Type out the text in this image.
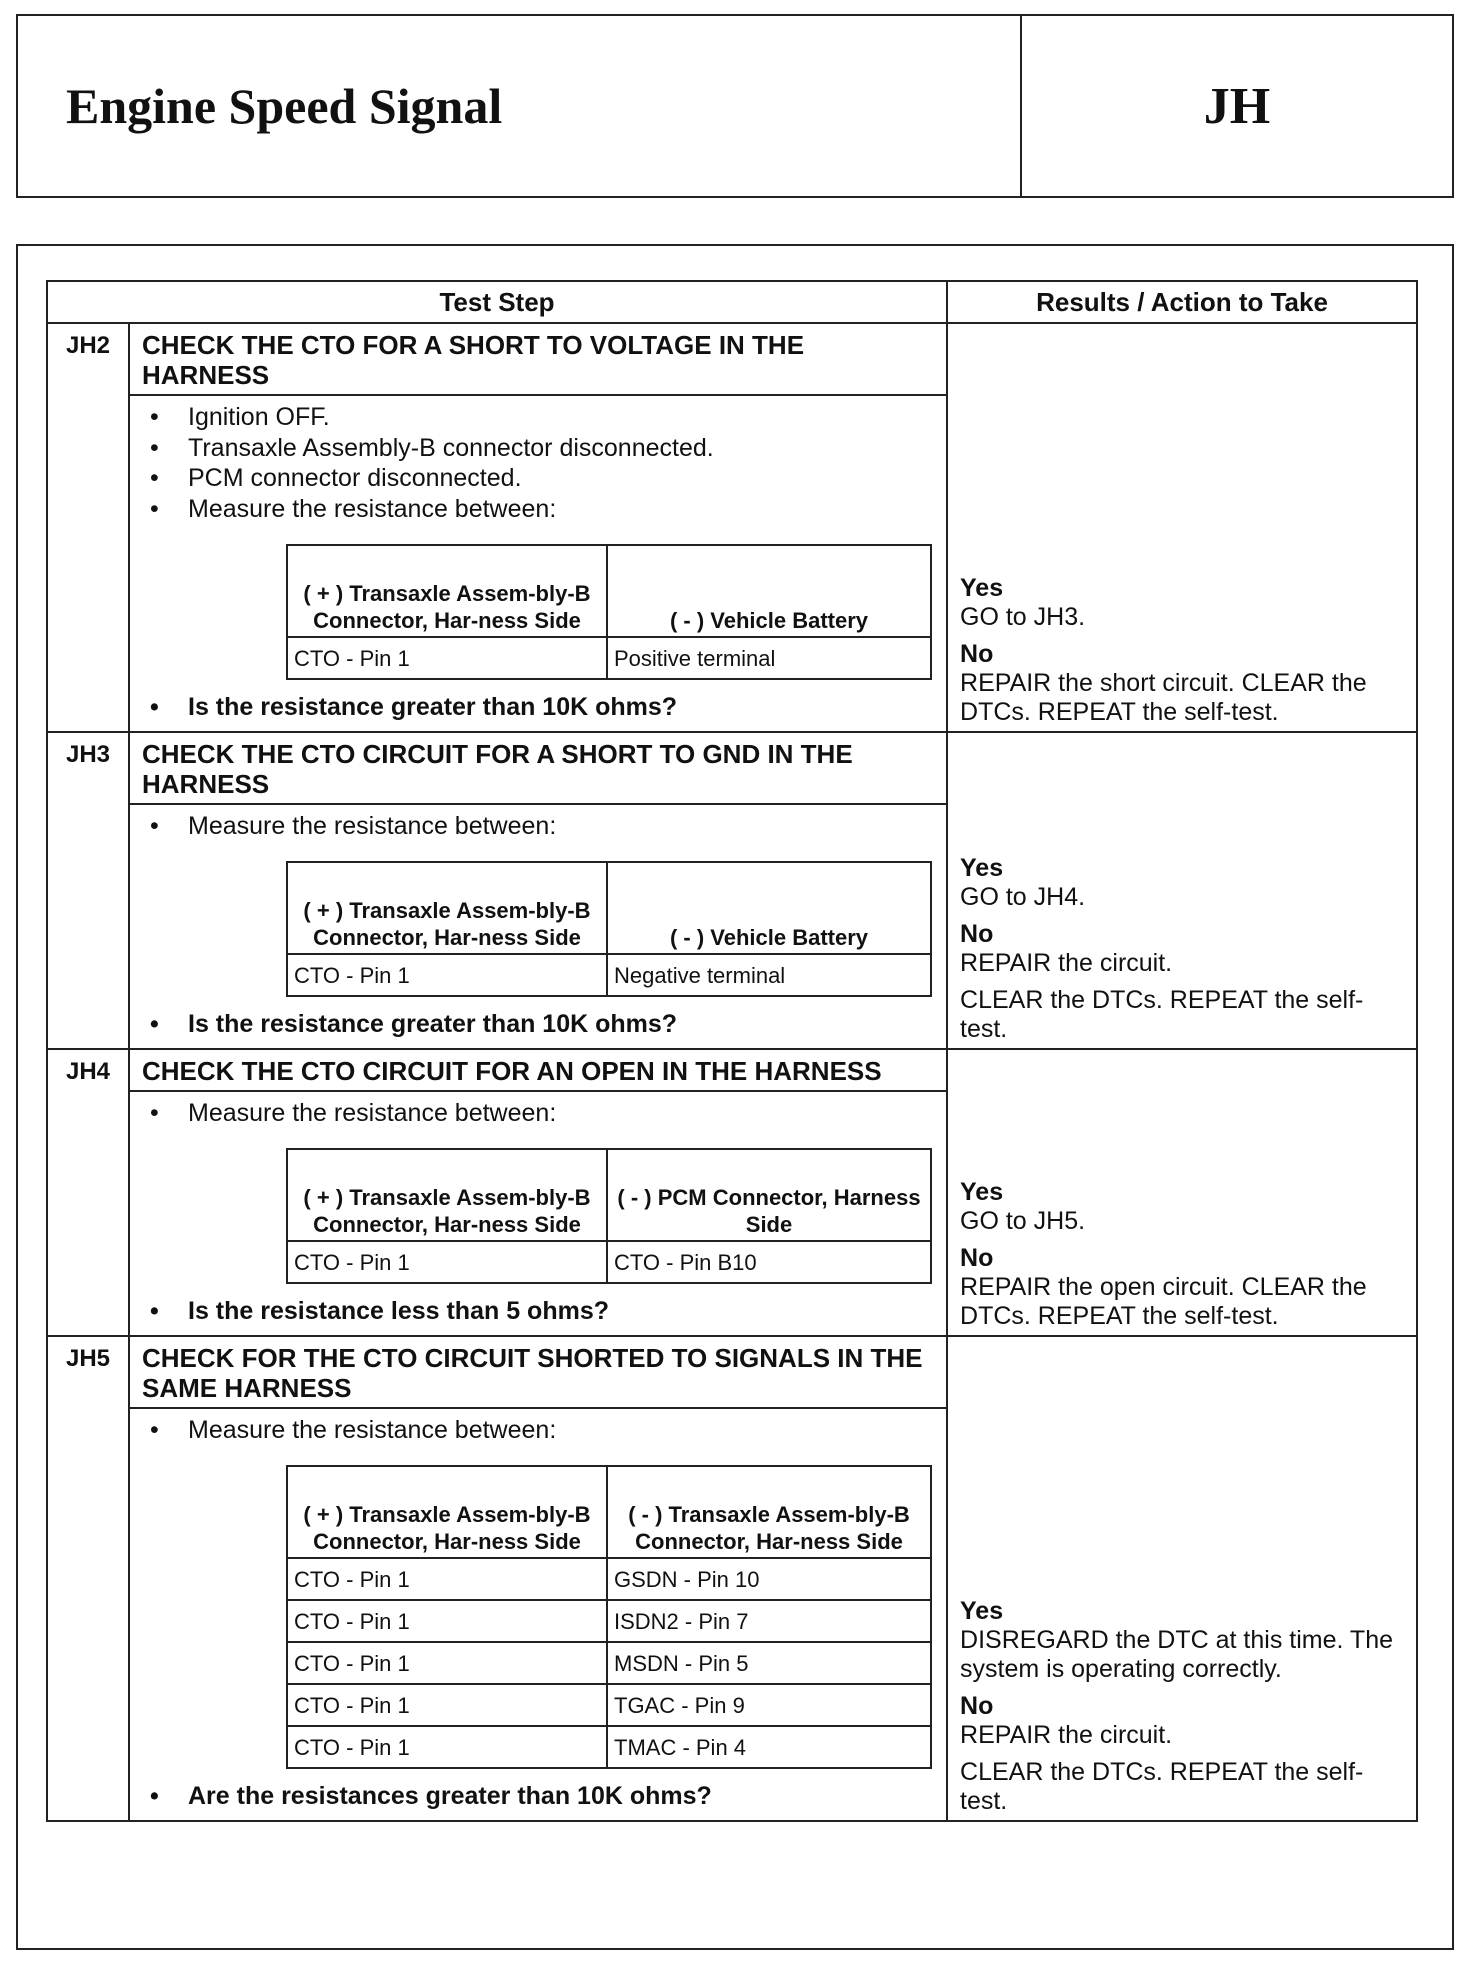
Engine Speed Signal	JH
Test Step	Results / Action to Take
JH2	CHECK THE CTO FOR A SHORT TO VOLTAGE IN THE HARNESS	
Yes
GO to JH3.
No
REPAIR the short circuit. CLEAR the DTCs. REPEAT the self-test.

• Ignition OFF.
• Transaxle Assembly-B connector disconnected.
• PCM connector disconnected.
• Measure the resistance between:
( + ) Transaxle Assem-bly-B Connector, Har-ness Side	( - ) Vehicle Battery
CTO - Pin 1	Positive terminal
• Is the resistance greater than 10K ohms?

JH3	CHECK THE CTO CIRCUIT FOR A SHORT TO GND IN THE HARNESS	
Yes
GO to JH4.
No
REPAIR the circuit.
CLEAR the DTCs. REPEAT the self-test.

• Measure the resistance between:
( + ) Transaxle Assem-bly-B Connector, Har-ness Side	( - ) Vehicle Battery
CTO - Pin 1	Negative terminal
• Is the resistance greater than 10K ohms?

JH4	CHECK THE CTO CIRCUIT FOR AN OPEN IN THE HARNESS	
Yes
GO to JH5.
No
REPAIR the open circuit. CLEAR the DTCs. REPEAT the self-test.

• Measure the resistance between:
( + ) Transaxle Assem-bly-B Connector, Har-ness Side	( - ) PCM Connector, Harness Side
CTO - Pin 1	CTO - Pin B10
• Is the resistance less than 5 ohms?

JH5	CHECK FOR THE CTO CIRCUIT SHORTED TO SIGNALS IN THE SAME HARNESS	
Yes
DISREGARD the DTC at this time. The system is operating correctly.
No
REPAIR the circuit.
CLEAR the DTCs. REPEAT the self-test.

• Measure the resistance between:
( + ) Transaxle Assem-bly-B Connector, Har-ness Side	( - ) Transaxle Assem-bly-B Connector, Har-ness Side
CTO - Pin 1	GSDN - Pin 10
CTO - Pin 1	ISDN2 - Pin 7
CTO - Pin 1	MSDN - Pin 5
CTO - Pin 1	TGAC - Pin 9
CTO - Pin 1	TMAC - Pin 4
• Are the resistances greater than 10K ohms?
